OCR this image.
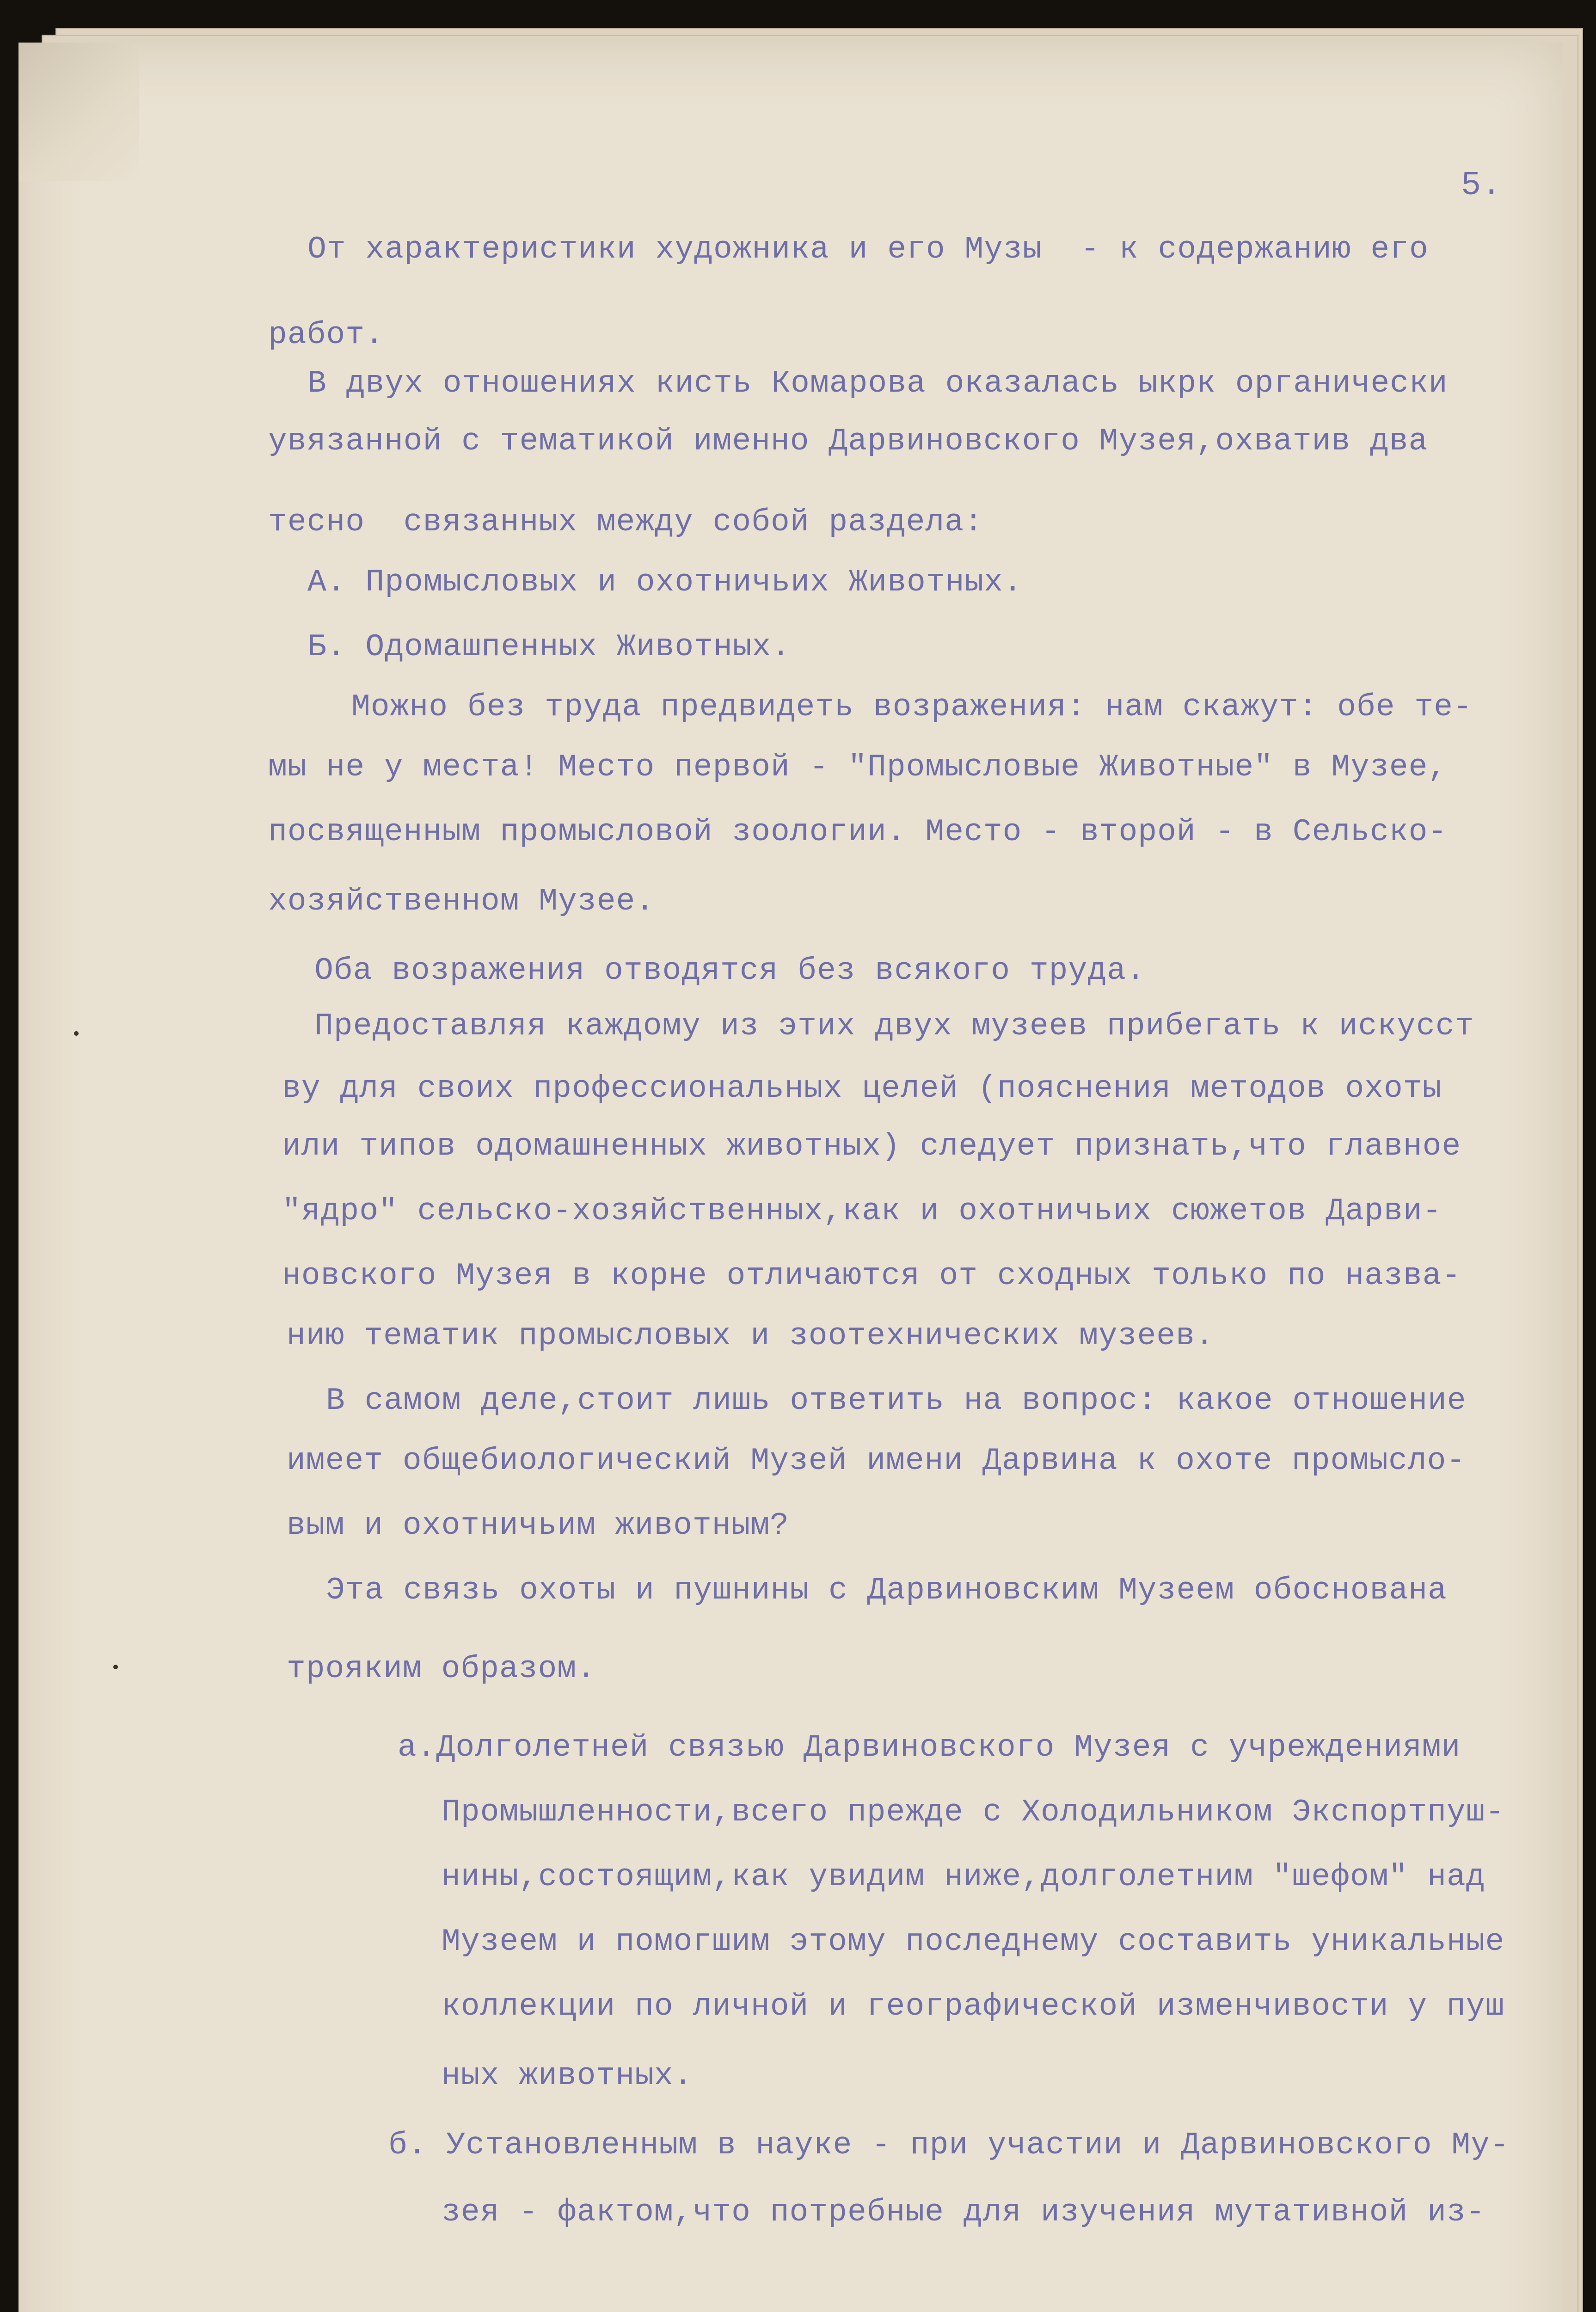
5.
От характеристики художника и его Музы  - к содержанию его
работ.
В двух отношениях кисть Комарова оказалась ыкрк органически
увязанной с тематикой именно Дарвиновского Музея,охватив два
тесно  связанных между собой раздела:
А. Промысловых и охотничьих Животных.
Б. Одомашпенных Животных.
Можно без труда предвидеть возражения: нам скажут: обе те-
мы не у места! Место первой - "Промысловые Животные" в Музее,
посвященным промысловой зоологии. Место - второй - в Сельско-
хозяйственном Музее.
Оба возражения отводятся без всякого труда.
Предоставляя каждому из этих двух музеев прибегать к искусст
ву для своих профессиональных целей (пояснения методов охоты
или типов одомашненных животных) следует признать,что главное
"ядро" сельско-хозяйственных,как и охотничьих сюжетов Дарви-
новского Музея в корне отличаются от сходных только по назва-
нию тематик промысловых и зоотехнических музеев.
В самом деле,стоит лишь ответить на вопрос: какое отношение
имеет общебиологический Музей имени Дарвина к охоте промысло-
вым и охотничьим животным?
Эта связь охоты и пушнины с Дарвиновским Музеем обоснована
трояким образом.
а.Долголетней связью Дарвиновского Музея с учреждениями
Промышленности,всего прежде с Холодильником Экспортпуш-
нины,состоящим,как увидим ниже,долголетним "шефом" над
Музеем и помогшим этому последнему составить уникальные
коллекции по личной и географической изменчивости у пуш
ных животных.
б. Установленным в науке - при участии и Дарвиновского Му-
зея - фактом,что потребные для изучения мутативной из-
